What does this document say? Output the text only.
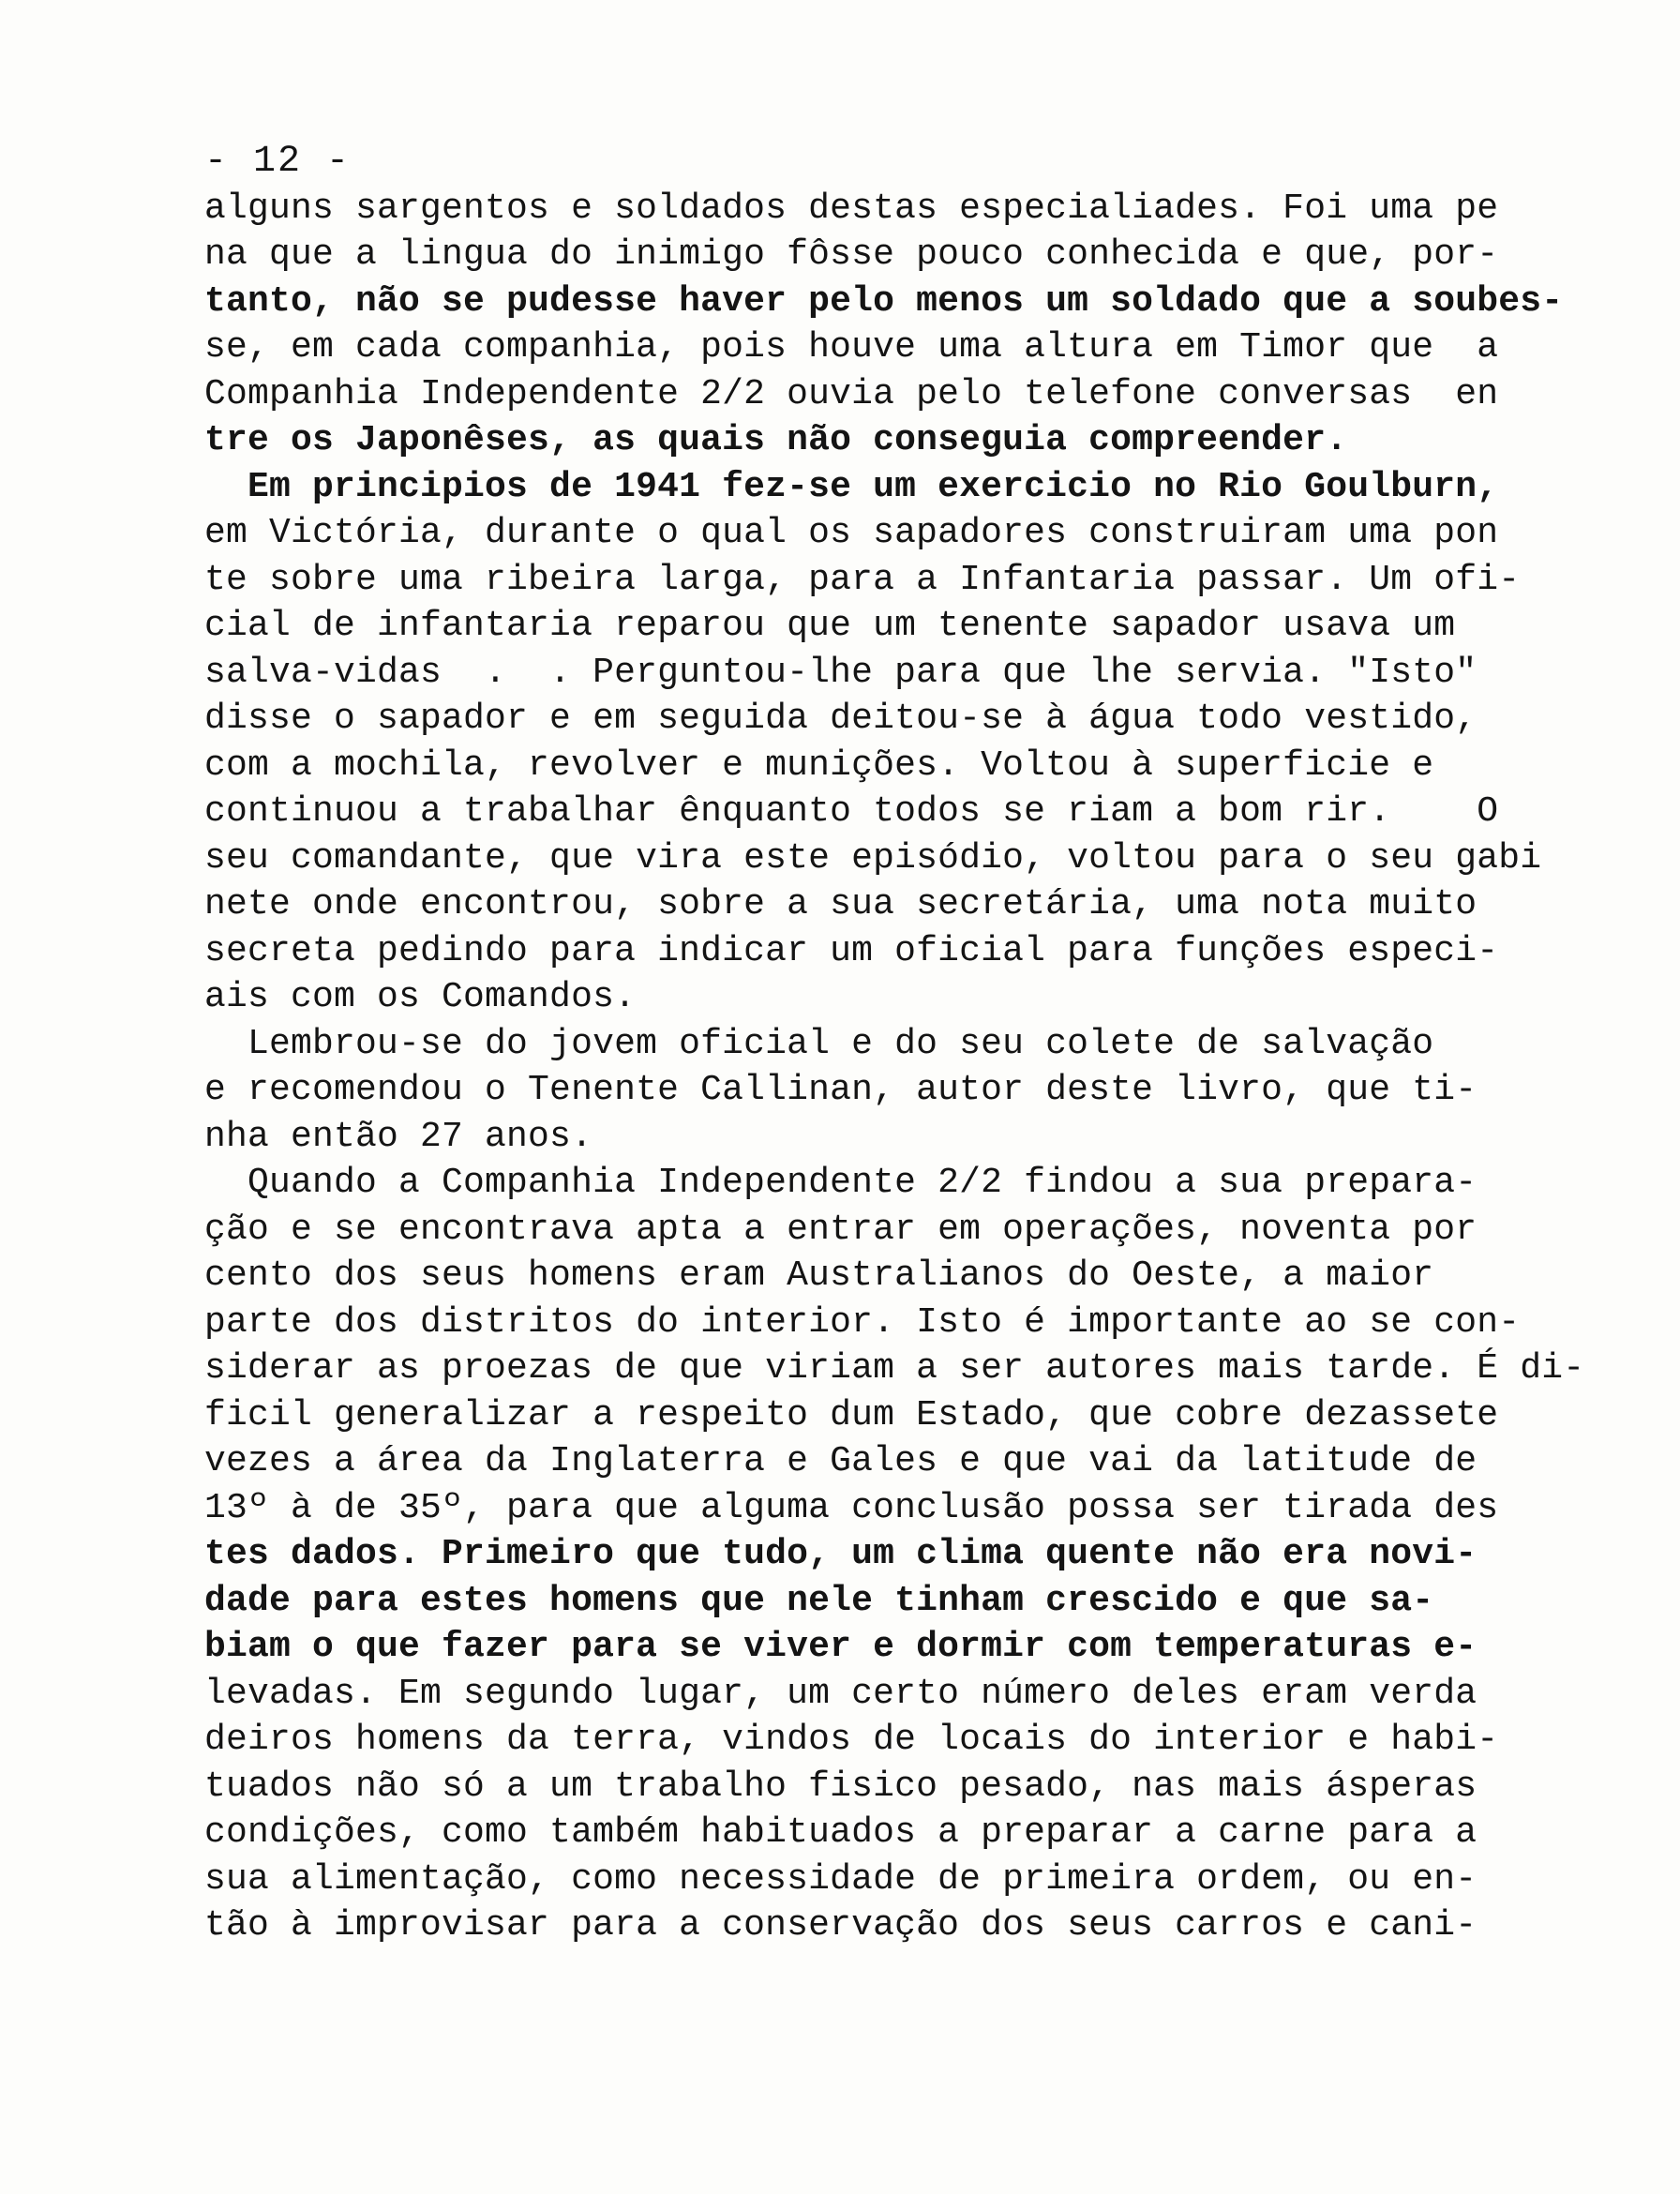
- 12 -
alguns sargentos e soldados destas especialiades. Foi uma pe
na que a lingua do inimigo fôsse pouco conhecida e que, por-
tanto, não se pudesse haver pelo menos um soldado que a soubes-
se, em cada companhia, pois houve uma altura em Timor que  a
Companhia Independente 2/2 ouvia pelo telefone conversas  en
tre os Japonêses, as quais não conseguia compreender.
Em principios de 1941 fez-se um exercicio no Rio Goulburn,
em Victória, durante o qual os sapadores construiram uma pon
te sobre uma ribeira larga, para a Infantaria passar. Um ofi-
cial de infantaria reparou que um tenente sapador usava um
salva-vidas  .  . Perguntou-lhe para que lhe servia. "Isto"
disse o sapador e em seguida deitou-se à água todo vestido,
com a mochila, revolver e munições. Voltou à superficie e
continuou a trabalhar ênquanto todos se riam a bom rir.    O
seu comandante, que vira este episódio, voltou para o seu gabi
nete onde encontrou, sobre a sua secretária, uma nota muito
secreta pedindo para indicar um oficial para funções especi-
ais com os Comandos.
Lembrou-se do jovem oficial e do seu colete de salvação
e recomendou o Tenente Callinan, autor deste livro, que ti-
nha então 27 anos.
Quando a Companhia Independente 2/2 findou a sua prepara-
ção e se encontrava apta a entrar em operações, noventa por
cento dos seus homens eram Australianos do Oeste, a maior
parte dos distritos do interior. Isto é importante ao se con-
siderar as proezas de que viriam a ser autores mais tarde. É di-
ficil generalizar a respeito dum Estado, que cobre dezassete
vezes a área da Inglaterra e Gales e que vai da latitude de
13º à de 35º, para que alguma conclusão possa ser tirada des
tes dados. Primeiro que tudo, um clima quente não era novi-
dade para estes homens que nele tinham crescido e que sa-
biam o que fazer para se viver e dormir com temperaturas e-
levadas. Em segundo lugar, um certo número deles eram verda
deiros homens da terra, vindos de locais do interior e habi-
tuados não só a um trabalho fisico pesado, nas mais ásperas
condições, como também habituados a preparar a carne para a
sua alimentação, como necessidade de primeira ordem, ou en-
tão à improvisar para a conservação dos seus carros e cani-
